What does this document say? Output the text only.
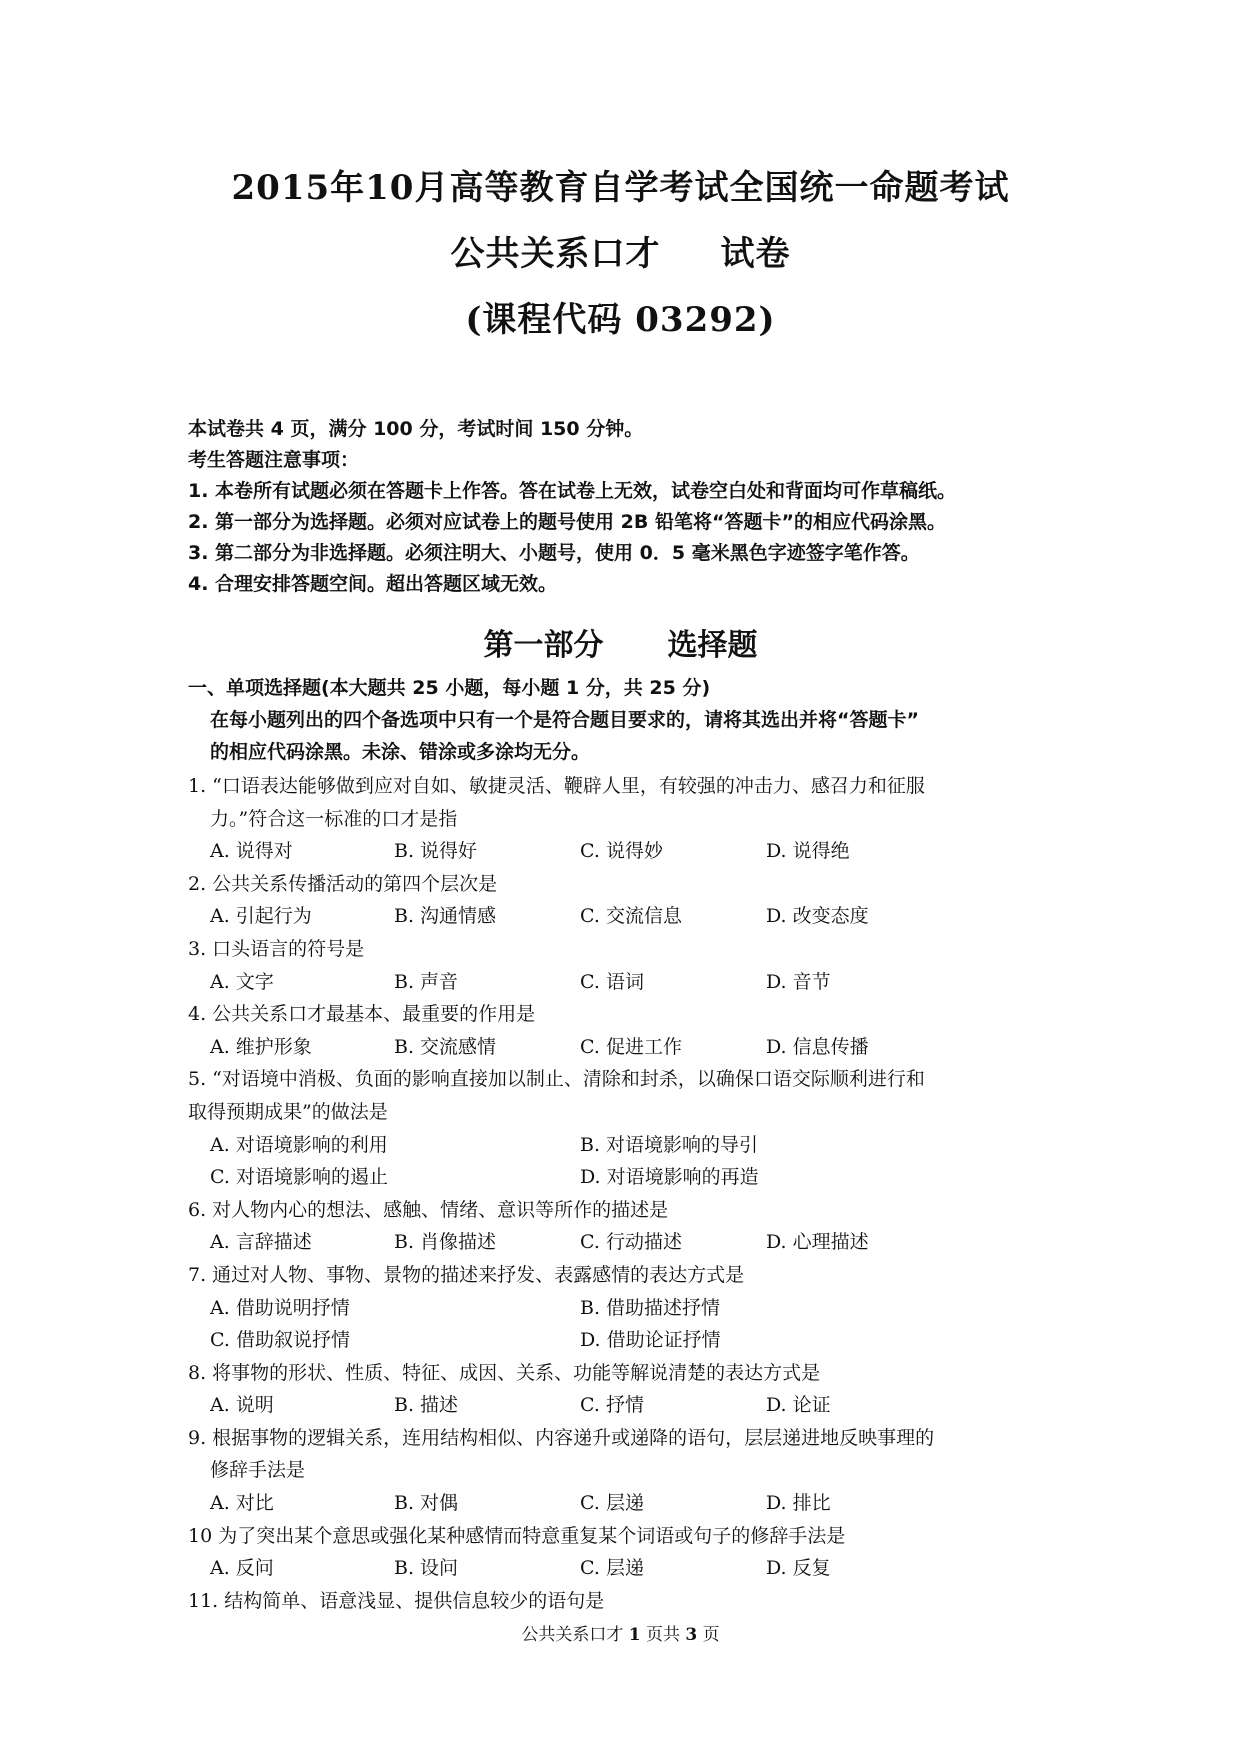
2015年10月高等教育自学考试全国统一命题考试
公共关系口才 试卷
(课程代码 03292)
本试卷共 4 页，满分 100 分，考试时间 150 分钟。
考生答题注意事项：
1. 本卷所有试题必须在答题卡上作答。答在试卷上无效，试卷空白处和背面均可作草稿纸。
2. 第一部分为选择题。必须对应试卷上的题号使用 2B 铅笔将“答题卡”的相应代码涂黑。
3. 第二部分为非选择题。必须注明大、小题号，使用 0．5 毫米黑色字迹签字笔作答。
4. 合理安排答题空间。超出答题区域无效。
第一部分 选择题
一、单项选择题(本大题共 25 小题，每小题 1 分，共 25 分)
在每小题列出的四个备选项中只有一个是符合题目要求的，请将其选出并将“答题卡”
的相应代码涂黑。未涂、错涂或多涂均无分。
1. “口语表达能够做到应对自如、敏捷灵活、鞭辟人里，有较强的冲击力、感召力和征服
力。”符合这一标准的口才是指
A. 说得对	B. 说得好	C. 说得妙	D. 说得绝
2. 公共关系传播活动的第四个层次是
A. 引起行为	B. 沟通情感	C. 交流信息	D. 改变态度
3. 口头语言的符号是
A. 文字	B. 声音	C. 语词	D. 音节
4. 公共关系口才最基本、最重要的作用是
A. 维护形象	B. 交流感情	C. 促进工作	D. 信息传播
5. “对语境中消极、负面的影响直接加以制止、清除和封杀，以确保口语交际顺利进行和
取得预期成果”的做法是
A. 对语境影响的利用	B. 对语境影响的导引
C. 对语境影响的遏止	D. 对语境影响的再造
6. 对人物内心的想法、感触、情绪、意识等所作的描述是
A. 言辞描述	B. 肖像描述	C. 行动描述	D. 心理描述
7. 通过对人物、事物、景物的描述来抒发、表露感情的表达方式是
A. 借助说明抒情	B. 借助描述抒情
C. 借助叙说抒情	D. 借助论证抒情
8. 将事物的形状、性质、特征、成因、关系、功能等解说清楚的表达方式是
A. 说明	B. 描述	C. 抒情	D. 论证
9. 根据事物的逻辑关系，连用结构相似、内容递升或递降的语句，层层递进地反映事理的
修辞手法是
A. 对比	B. 对偶	C. 层递	D. 排比
10 为了突出某个意思或强化某种感情而特意重复某个词语或句子的修辞手法是
A. 反问	B. 设问	C. 层递	D. 反复
11. 结构简单、语意浅显、提供信息较少的语句是
公共关系口才 1 页共 3 页
